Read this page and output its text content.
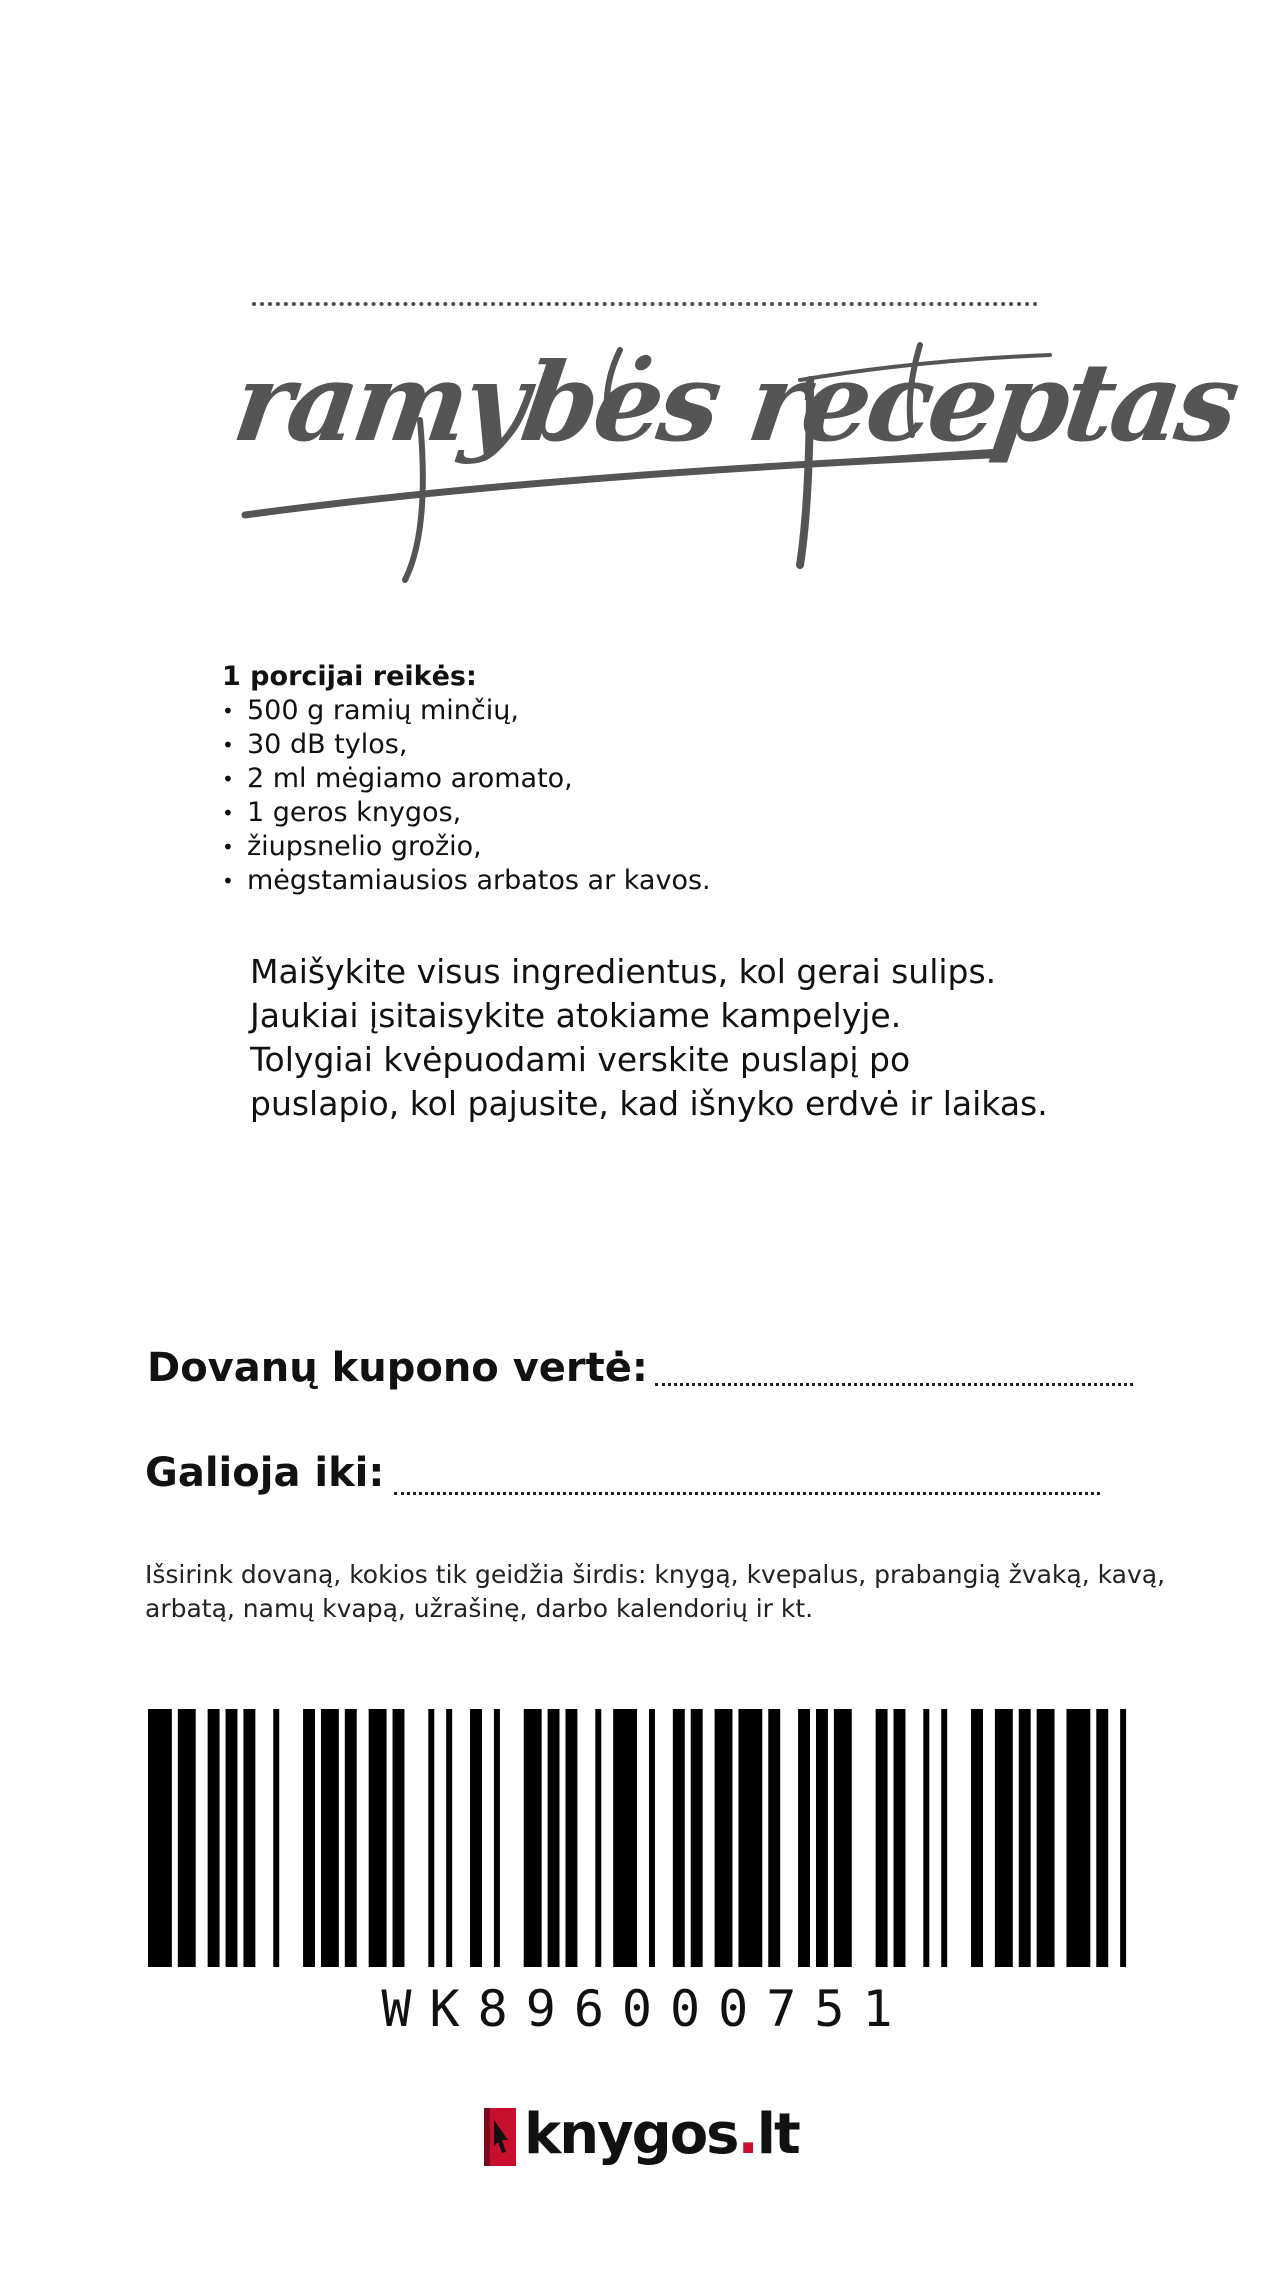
ramybės receptas
1 porcijai reikės:
• 500 g ramių minčių,
• 30 dB tylos,
• 2 ml mėgiamo aromato,
• 1 geros knygos,
• žiupsnelio grožio,
• mėgstamiausios arbatos ar kavos.
Maišykite visus ingredientus, kol gerai sulips.
Jaukiai įsitaisykite atokiame kampelyje.
Tolygiai kvėpuodami verskite puslapį po
puslapio, kol pajusite, kad išnyko erdvė ir laikas.
Dovanų kupono vertė:
Galioja iki:
Išsirink dovaną, kokios tik geidžia širdis: knygą, kvepalus, prabangią žvaką, kavą, arbatą, namų kvapą, užrašinę, darbo kalendorių ir kt.
WK896000751
knygos.lt
